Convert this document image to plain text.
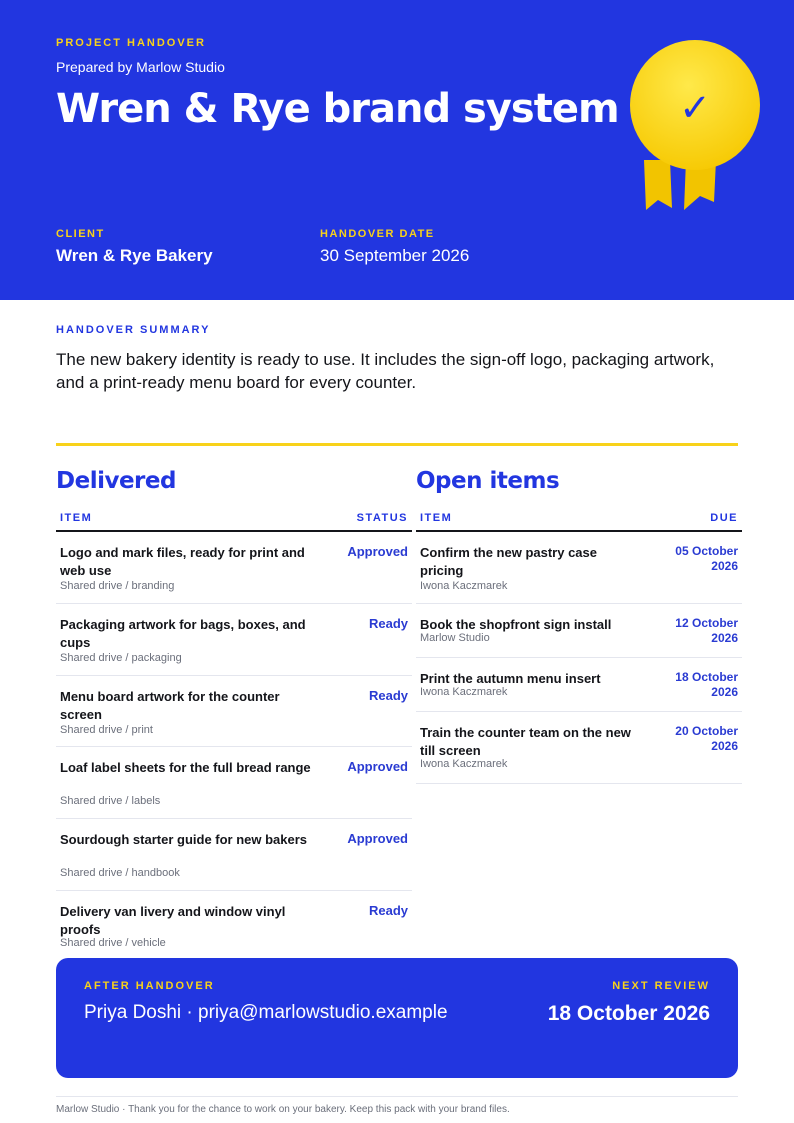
PROJECT HANDOVER
Prepared by Marlow Studio
Wren & Rye brand system
CLIENT
Wren & Rye Bakery
HANDOVER DATE
30 September 2026
✓
HANDOVER SUMMARY
The new bakery identity is ready to use. It includes the sign-off logo, packaging artwork, and a print-ready menu board for every counter.
Delivered
ITEM	STATUS
Logo and mark files, ready for print and web use
Shared drive / branding
Approved
Packaging artwork for bags, boxes, and cups
Shared drive / packaging
Ready
Menu board artwork for the counter screen
Shared drive / print
Ready
Loaf label sheets for the full bread range
Shared drive / labels
Approved
Sourdough starter guide for new bakers
Shared drive / handbook
Approved
Delivery van livery and window vinyl proofs
Shared drive / vehicle
Ready
Open items
ITEM	DUE
Confirm the new pastry case pricing
Iwona Kaczmarek
05 October 2026
Book the shopfront sign install
Marlow Studio
12 October 2026
Print the autumn menu insert
Iwona Kaczmarek
18 October 2026
Train the counter team on the new till screen
Iwona Kaczmarek
20 October 2026
AFTER HANDOVER
Priya Doshi · priya@marlowstudio.example
NEXT REVIEW
18 October 2026
Marlow Studio · Thank you for the chance to work on your bakery. Keep this pack with your brand files.
